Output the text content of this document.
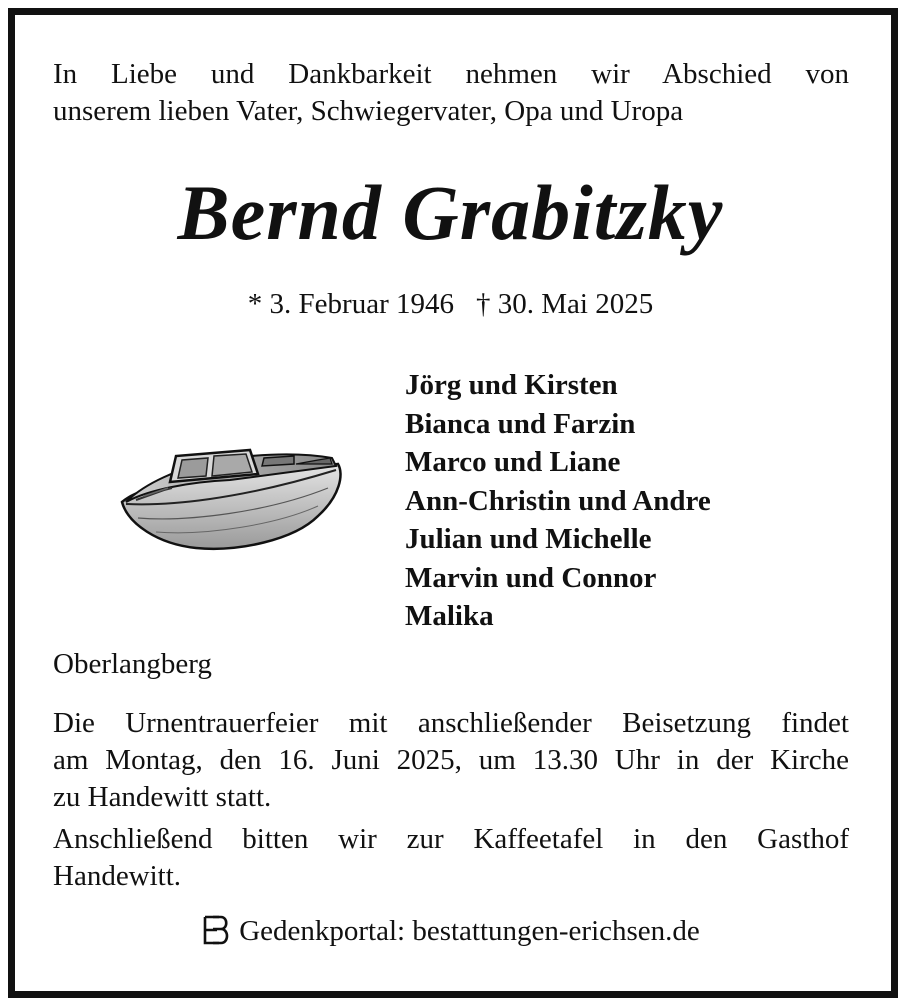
In Liebe und Dankbarkeit nehmen wir Abschied von
unserem lieben Vater, Schwiegervater, Opa und Uropa
Bernd Grabitzky
* 3. Februar 1946 † 30. Mai 2025
Jörg und Kirsten
Bianca und Farzin
Marco und Liane
Ann-Christin und Andre
Julian und Michelle
Marvin und Connor
Malika
Oberlangberg
Die Urnentrauerfeier mit anschließender Beisetzung findet
am Montag, den 16. Juni 2025, um 13.30 Uhr in der Kirche
zu Handewitt statt.
Anschließend bitten wir zur Kaffeetafel in den Gasthof
Handewitt.
Gedenkportal: bestattungen-erichsen.de
